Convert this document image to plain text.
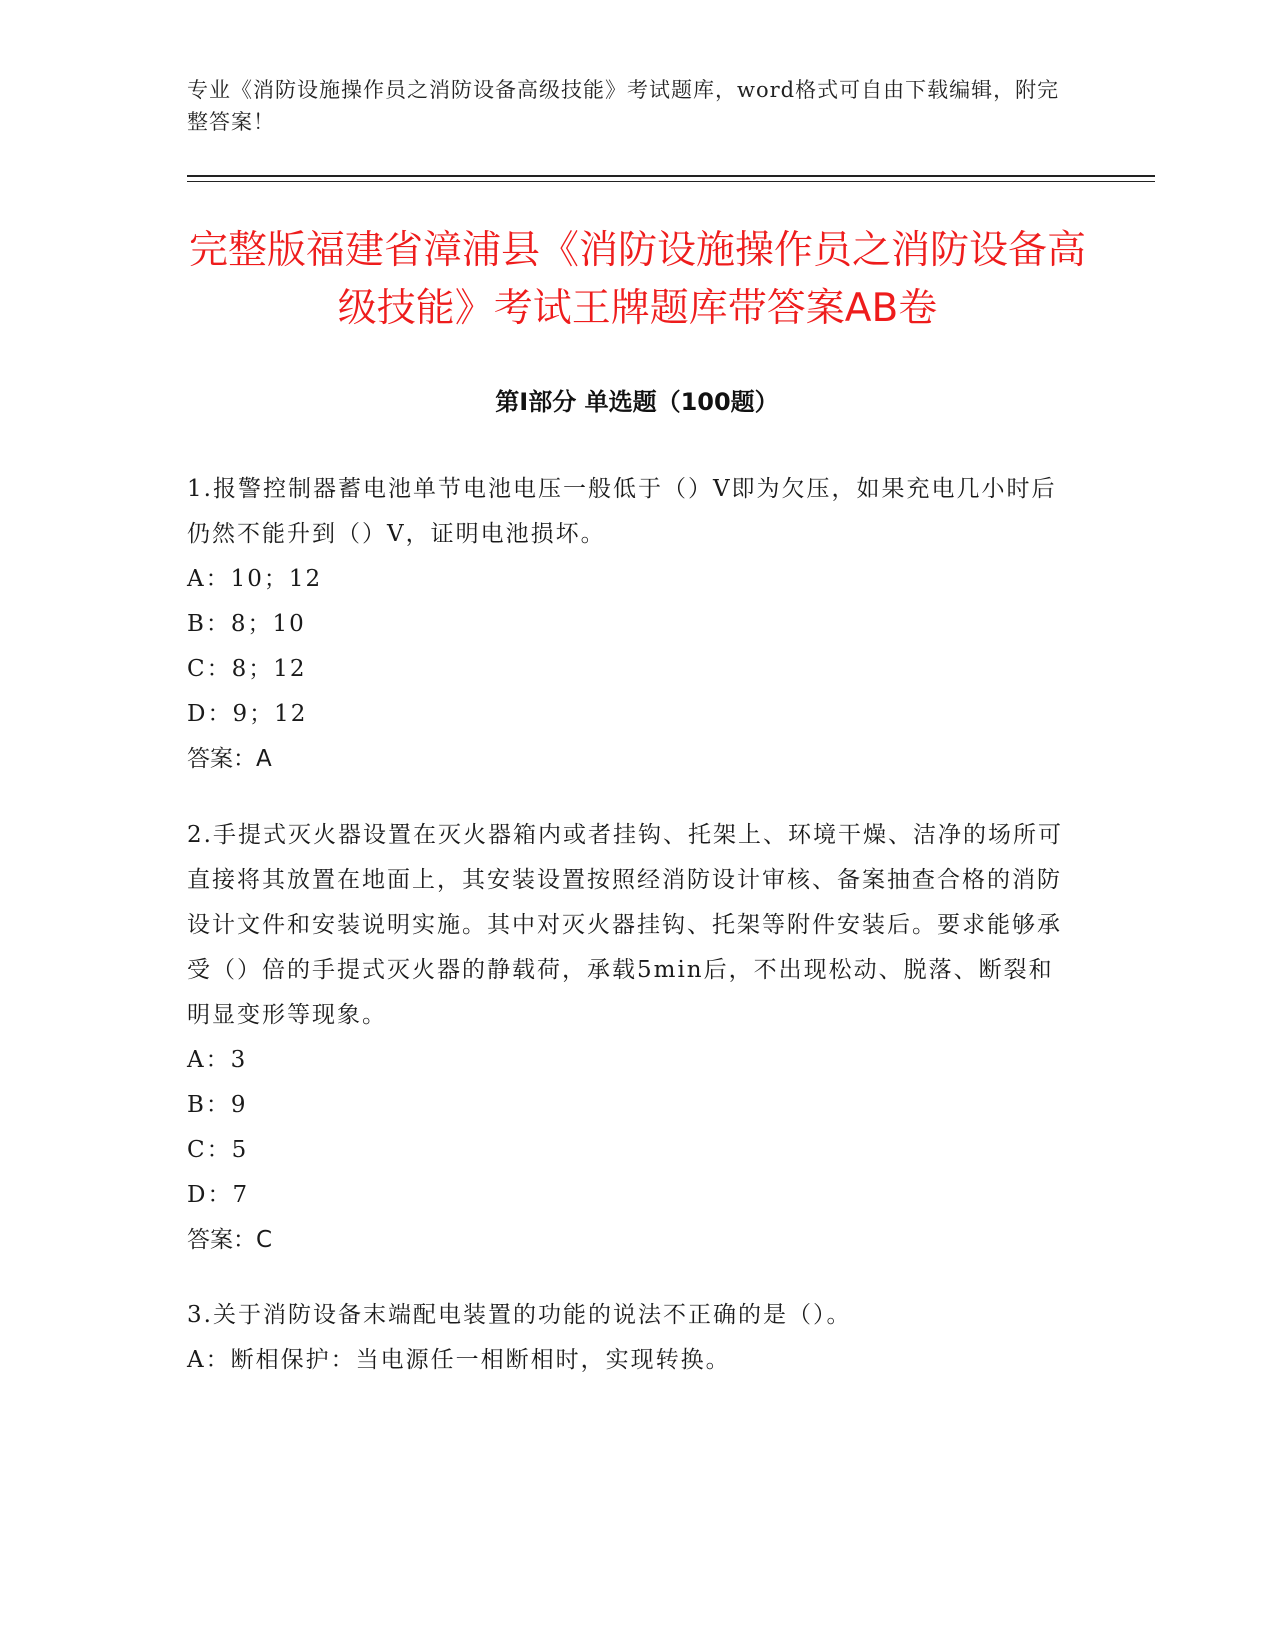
专业《消防设施操作员之消防设备高级技能》考试题库，word格式可自由下载编辑，附完整答案！
完整版福建省漳浦县《消防设施操作员之消防设备高级技能》考试王牌题库带答案AB卷
第Ⅰ部分 单选题（100题）

1.报警控制器蓄电池单节电池电压一般低于（）V即为欠压，如果充电几小时后仍然不能升到（）V，证明电池损坏。

A：10；12

B：8；10

C：8；12

D：9；12

答案：A

2.手提式灭火器设置在灭火器箱内或者挂钩、托架上、环境干燥、洁净的场所可直接将其放置在地面上，其安装设置按照经消防设计审核、备案抽查合格的消防设计文件和安装说明实施。其中对灭火器挂钩、托架等附件安装后。要求能够承受（）倍的手提式灭火器的静载荷，承载5min后，不出现松动、脱落、断裂和明显变形等现象。

A：3

B：9

C：5

D：7

答案：C

3.关于消防设备末端配电装置的功能的说法不正确的是（）。

A：断相保护：当电源任一相断相时，实现转换。
